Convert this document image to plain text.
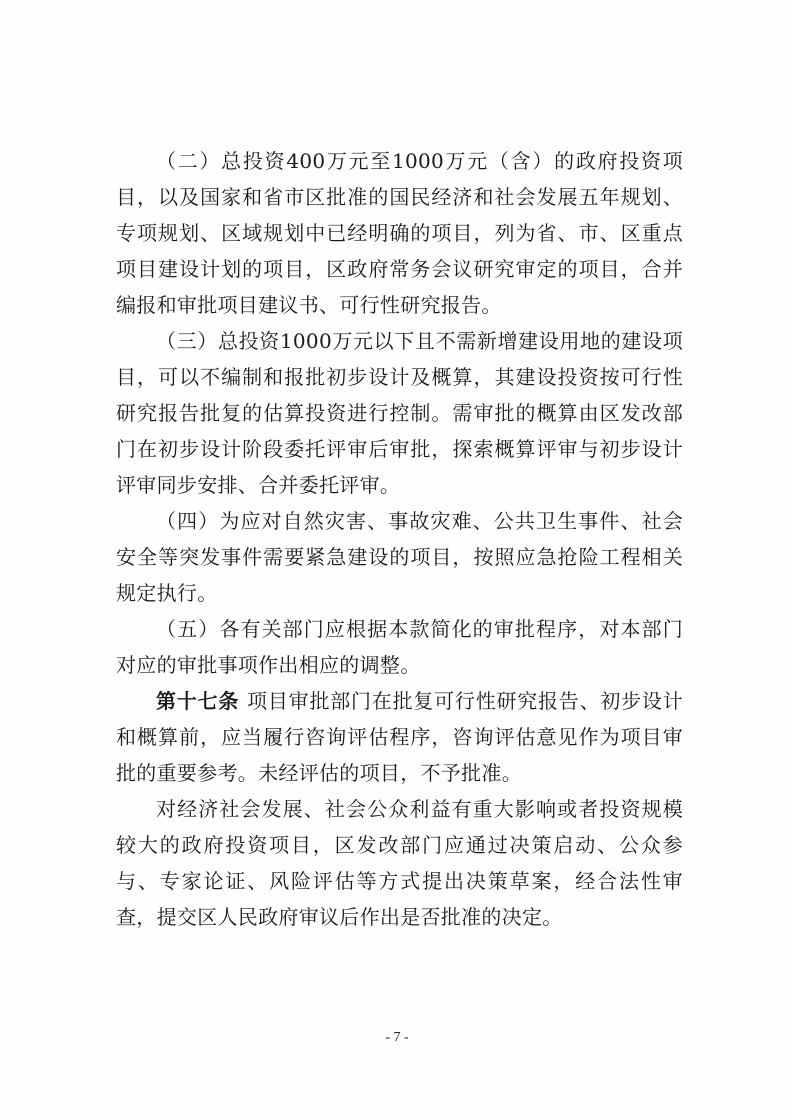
（二）总投资400万元至1000万元（含）的政府投资项目，以及国家和省市区批准的国民经济和社会发展五年规划、专项规划、区域规划中已经明确的项目，列为省、市、区重点项目建设计划的项目，区政府常务会议研究审定的项目，合并编报和审批项目建议书、可行性研究报告。

（三）总投资1000万元以下且不需新增建设用地的建设项目，可以不编制和报批初步设计及概算，其建设投资按可行性研究报告批复的估算投资进行控制。需审批的概算由区发改部门在初步设计阶段委托评审后审批，探索概算评审与初步设计评审同步安排、合并委托评审。

（四）为应对自然灾害、事故灾难、公共卫生事件、社会安全等突发事件需要紧急建设的项目，按照应急抢险工程相关规定执行。

（五）各有关部门应根据本款简化的审批程序，对本部门对应的审批事项作出相应的调整。

第十七条 项目审批部门在批复可行性研究报告、初步设计和概算前，应当履行咨询评估程序，咨询评估意见作为项目审批的重要参考。未经评估的项目，不予批准。

对经济社会发展、社会公众利益有重大影响或者投资规模较大的政府投资项目，区发改部门应通过决策启动、公众参与、专家论证、风险评估等方式提出决策草案，经合法性审查，提交区人民政府审议后作出是否批准的决定。

- 7 -
